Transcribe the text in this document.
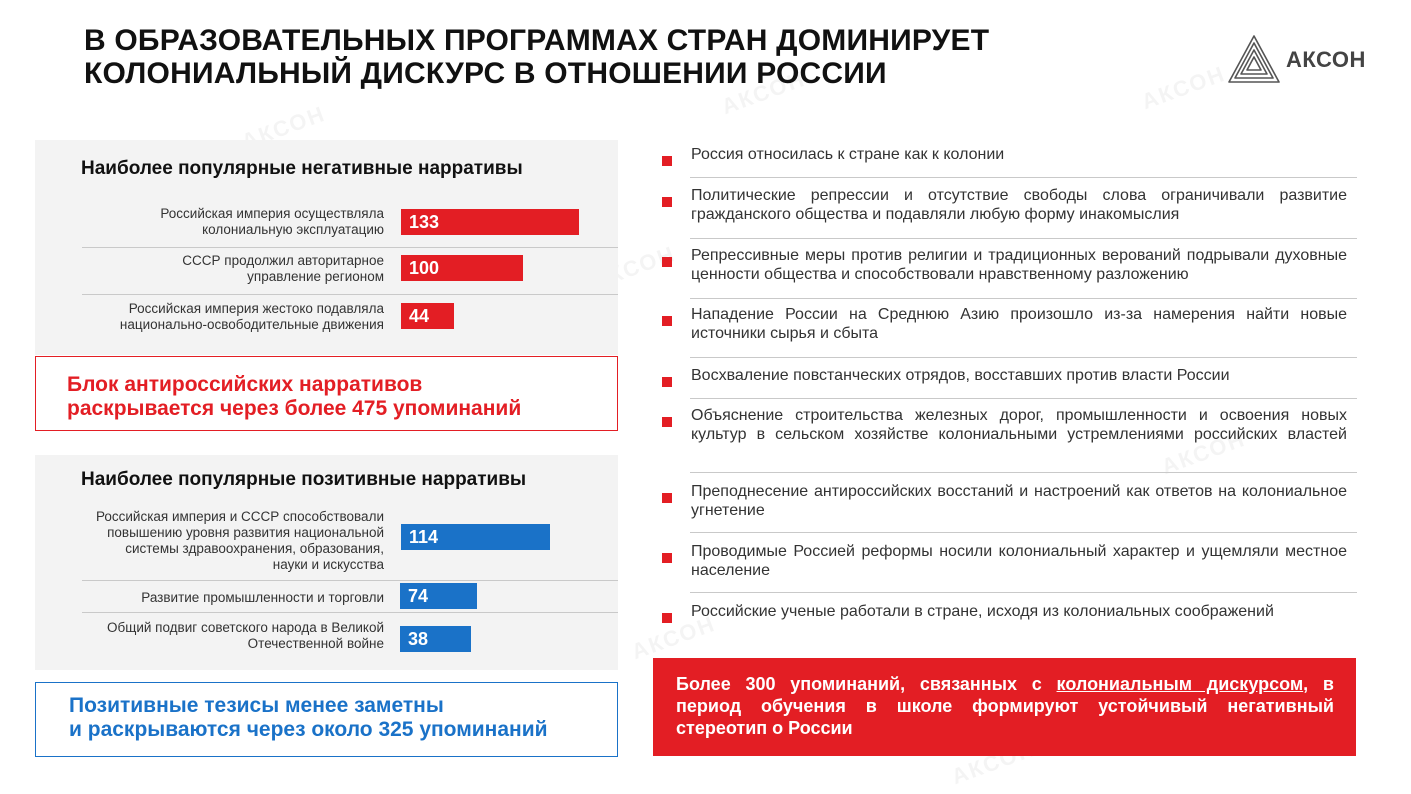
В ОБРАЗОВАТЕЛЬНЫХ ПРОГРАММАХ СТРАН ДОМИНИРУЕТ
КОЛОНИАЛЬНЫЙ ДИСКУРС В ОТНОШЕНИИ РОССИИ	АКСОН
Наиболее популярные негативные нарративы
Российская империя осуществляла
колониальную эксплуатацию	133
СССР продолжил авторитарное
управление регионом	100
Российская империя жестоко подавляла
национально-освободительные движения	44
Блок антироссийских нарративов
раскрывается через более 475 упоминаний
Наиболее популярные позитивные нарративы
Российская империя и СССР способствовали
повышению уровня развития национальной
системы здравоохранения, образования,
науки и искусства
114
Развитие промышленности и торговли	74
Общий подвиг советского народа в Великой
Отечественной войне	38
Позитивные тезисы менее заметны
и раскрываются через около 325 упоминаний
Россия относилась к стране как к колонии
Политические репрессии и отсутствие свободы слова ограничивали развитие гражданского общества и подавляли любую форму инакомыслия
Репрессивные меры против религии и традиционных верований подрывали духовные ценности общества и способствовали нравственному разложению
Нападение России на Среднюю Азию произошло из-за намерения найти новые источники сырья и сбыта
Восхваление повстанческих отрядов, восставших против власти России
Объяснение строительства железных дорог, промышленности и освоения новых культур в сельском хозяйстве колониальными устремлениями российских властей
Преподнесение антироссийских восстаний и настроений как ответов на колониальное угнетение
Проводимые Россией реформы носили колониальный характер и ущемляли местное население
Российские ученые работали в стране, исходя из колониальных соображений
Более 300 упоминаний, связанных с колониальным дискурсом, в период обучения в школе формируют устойчивый негативный стереотип о России
